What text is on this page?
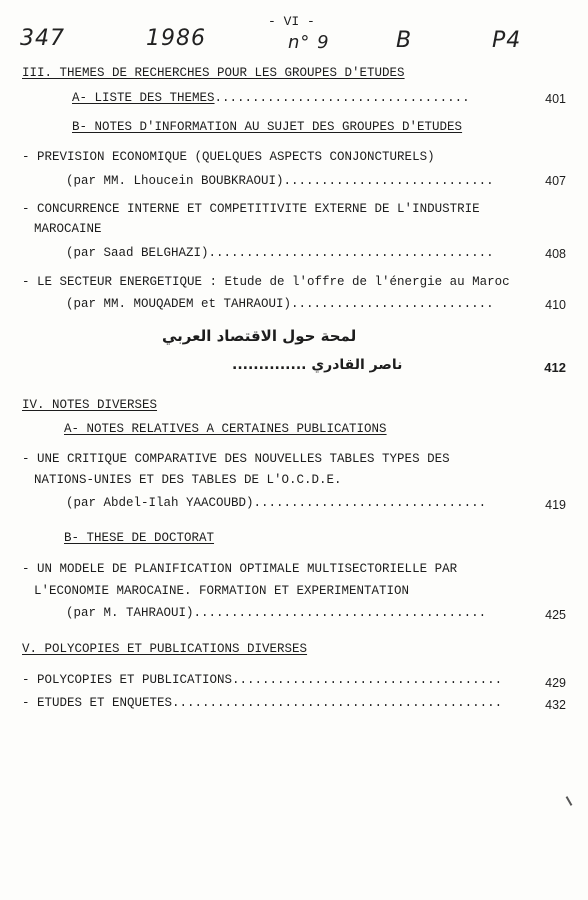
- VI -
347	1986	n° 9	B	P4
III. THEMES DE RECHERCHES POUR LES GROUPES D'ETUDES
A- LISTE DES THEMES..................................	401
B- NOTES D'INFORMATION AU SUJET DES GROUPES D'ETUDES
- PREVISION ECONOMIQUE (QUELQUES ASPECTS CONJONCTURELS)
(par MM. Lhoucein BOUBKRAOUI)............................	407
- CONCURRENCE INTERNE ET COMPETITIVITE EXTERNE DE L'INDUSTRIE
MAROCAINE
(par Saad BELGHAZI)......................................	408
- LE SECTEUR ENERGETIQUE : Etude de l'offre de l'énergie au Maroc
(par MM. MOUQADEM et TAHRAOUI)...........................	410
لمحة حول الاقتصاد العربي
ناصر القادري ..............	412
IV. NOTES DIVERSES
A- NOTES RELATIVES A CERTAINES PUBLICATIONS
- UNE CRITIQUE COMPARATIVE DES NOUVELLES TABLES TYPES DES
NATIONS-UNIES ET DES TABLES DE L'O.C.D.E.
(par Abdel-Ilah YAACOUBD)...............................	419
B- THESE DE DOCTORAT
- UN MODELE DE PLANIFICATION OPTIMALE MULTISECTORIELLE PAR
L'ECONOMIE MAROCAINE. FORMATION ET EXPERIMENTATION
(par M. TAHRAOUI).......................................	425
V. POLYCOPIES ET PUBLICATIONS DIVERSES
- POLYCOPIES ET PUBLICATIONS....................................	429
- ETUDES ET ENQUETES............................................	432
